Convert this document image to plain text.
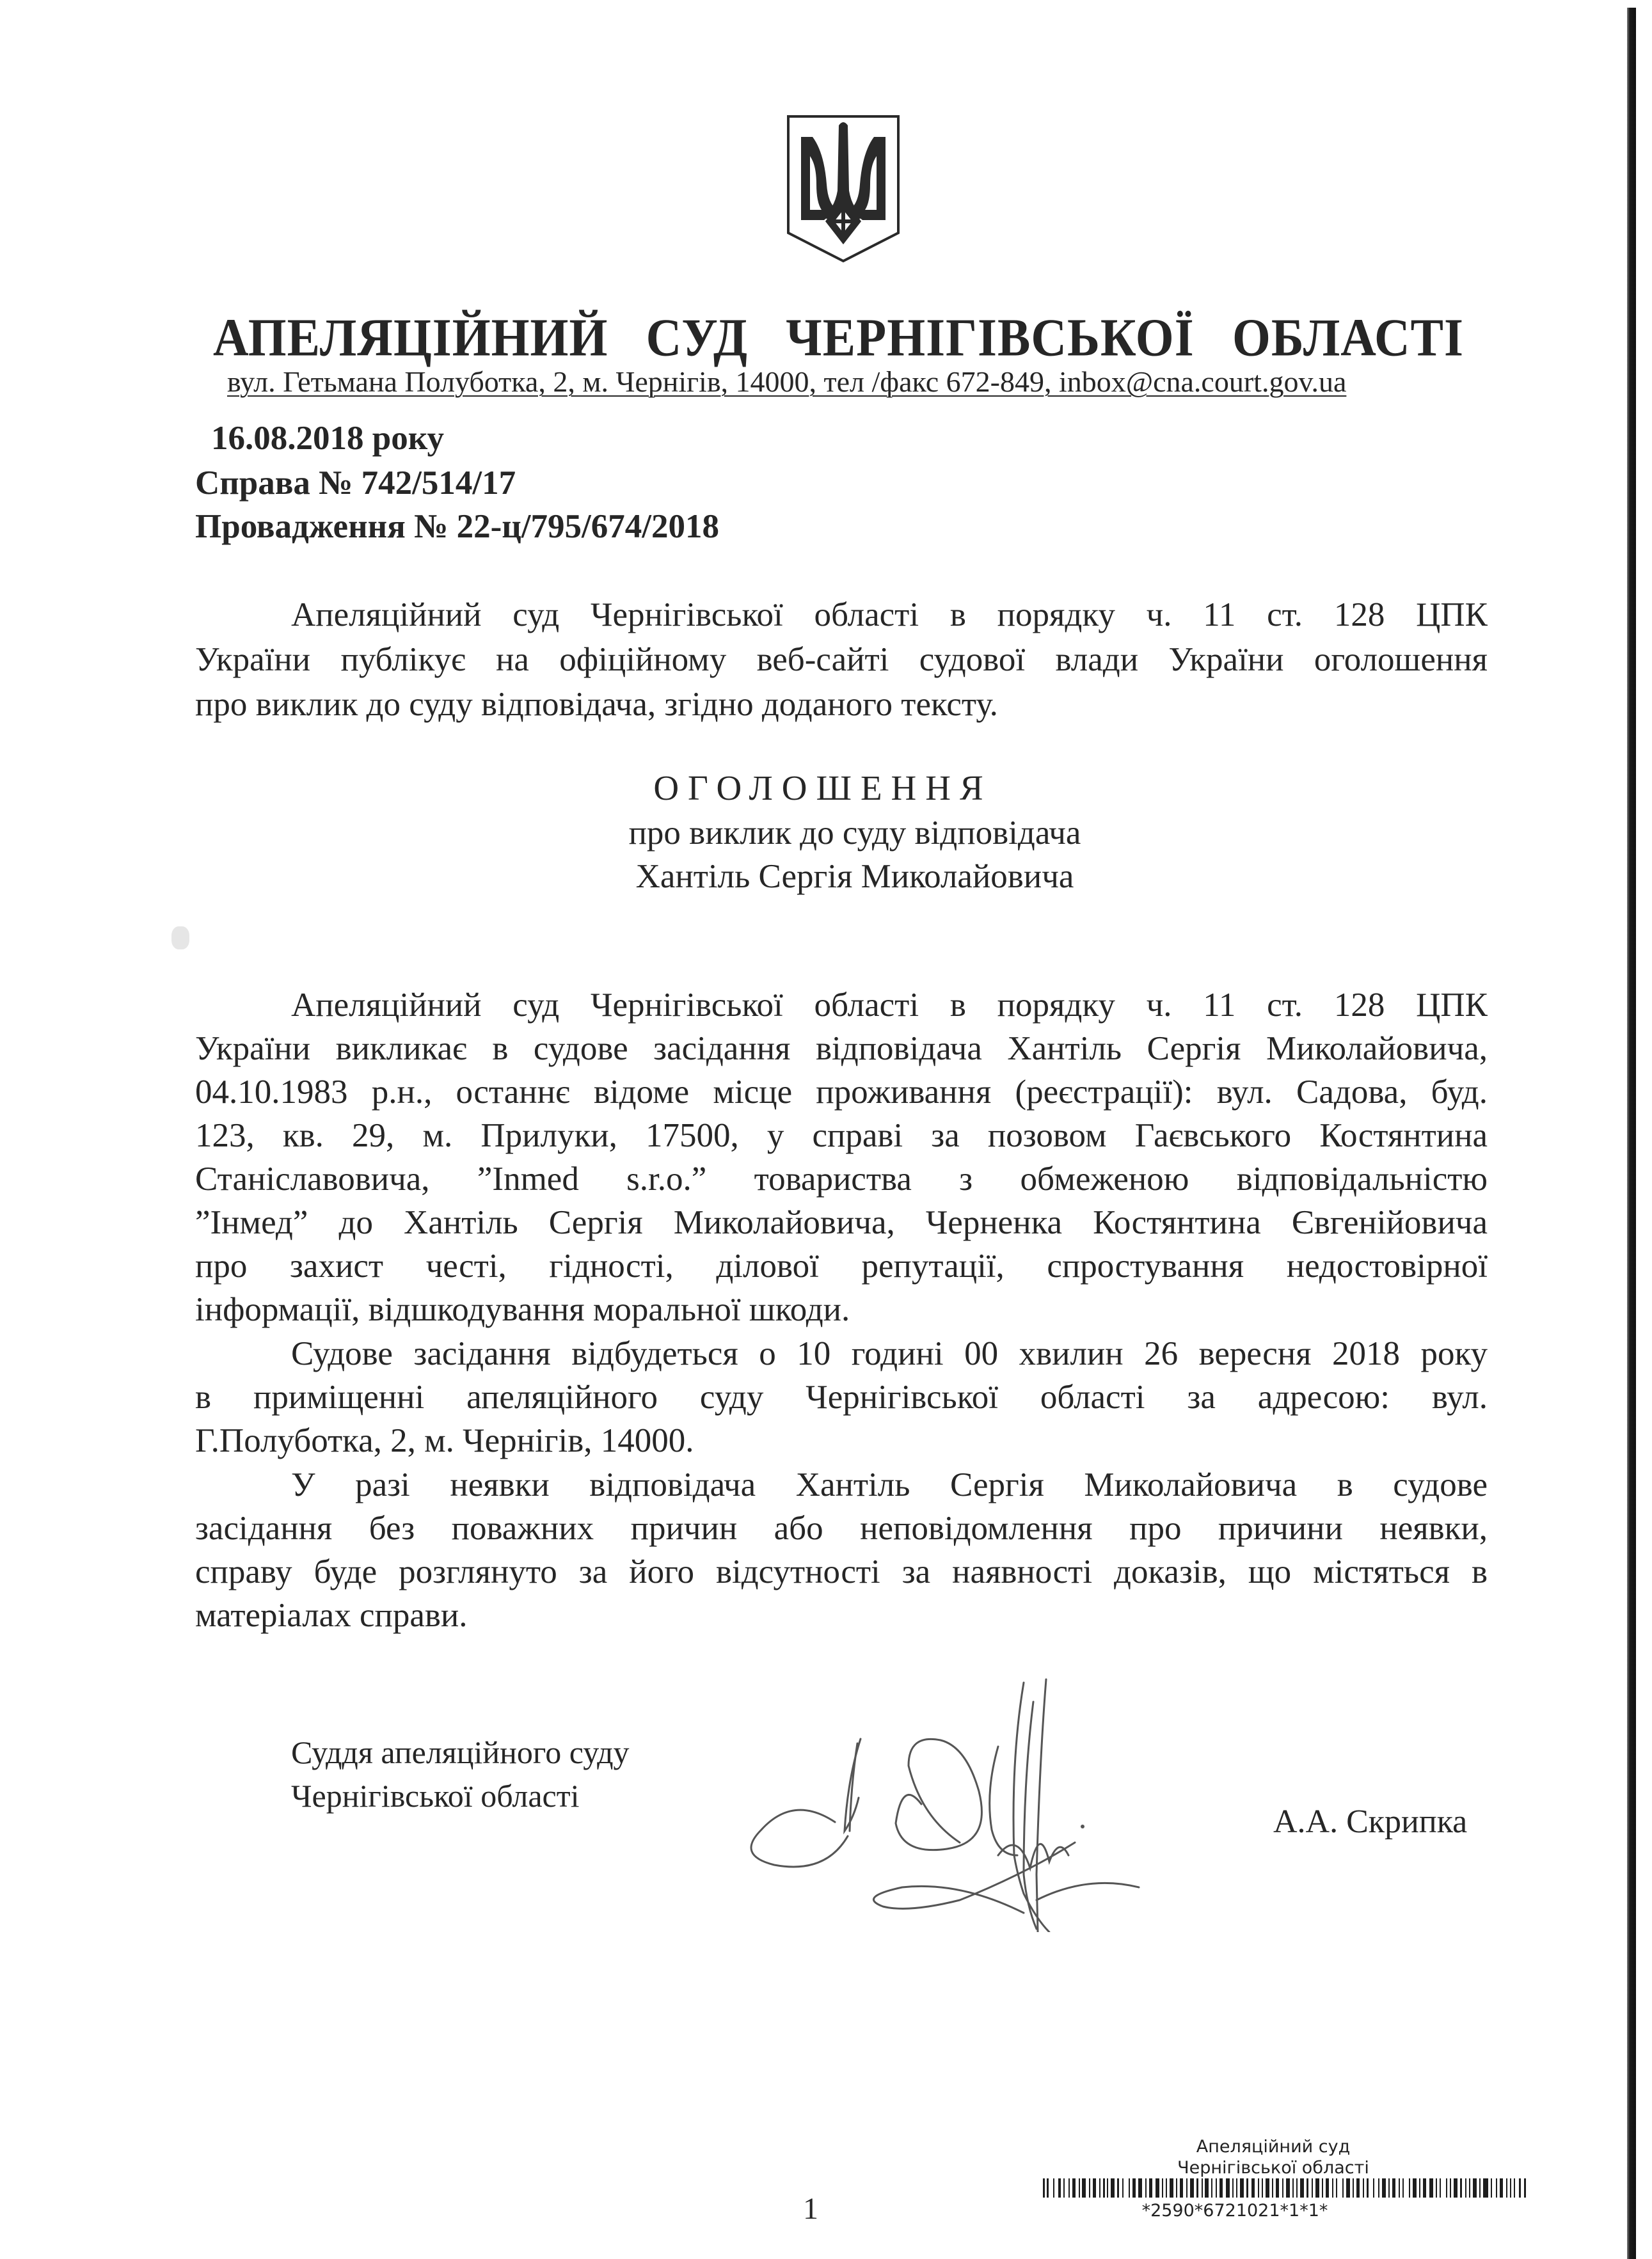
АПЕЛЯЦІЙНИЙ СУД ЧЕРНІГІВСЬКОЇ ОБЛАСТІ
вул. Гетьмана Полуботка, 2, м. Чернігів, 14000, тел /факс 672-849, inbox@cna.court.gov.ua
16.08.2018 року
Справа № 742/514/17
Провадження № 22-ц/795/674/2018
Апеляційний суд Чернігівської області в порядку ч. 11 ст. 128 ЦПК
України публікує на офіційному веб-сайті судової влади України оголошення
про виклик до суду відповідача, згідно доданого тексту.
ОГОЛОШЕННЯ
про виклик до суду відповідача
Хантіль Сергія Миколайовича
Апеляційний суд Чернігівської області в порядку ч. 11 ст. 128 ЦПК
України викликає в судове засідання відповідача Хантіль Сергія Миколайовича,
04.10.1983 р.н., останнє відоме місце проживання (реєстрації): вул. Садова, буд.
123, кв. 29, м. Прилуки, 17500, у справі за позовом Гаєвського Костянтина
Станіславовича, ”Inmed s.r.o.” товариства з обмеженою відповідальністю
”Інмед” до Хантіль Сергія Миколайовича, Черненка Костянтина Євгенійовича
про захист честі, гідності, ділової репутації, спростування недостовірної
інформації, відшкодування моральної шкоди.
Судове засідання відбудеться о 10 годині 00 хвилин 26 вересня 2018 року
в приміщенні апеляційного суду Чернігівської області за адресою: вул.
Г.Полуботка, 2, м. Чернігів, 14000.
У разі неявки відповідача Хантіль Сергія Миколайовича в судове
засідання без поважних причин або неповідомлення про причини неявки,
справу буде розглянуто за його відсутності за наявності доказів, що містяться в
матеріалах справи.
Суддя апеляційного суду
Чернігівської області
А.А. Скрипка
1
Апеляційний суд
Чернігівської області
*2590*6721021*1*1*
